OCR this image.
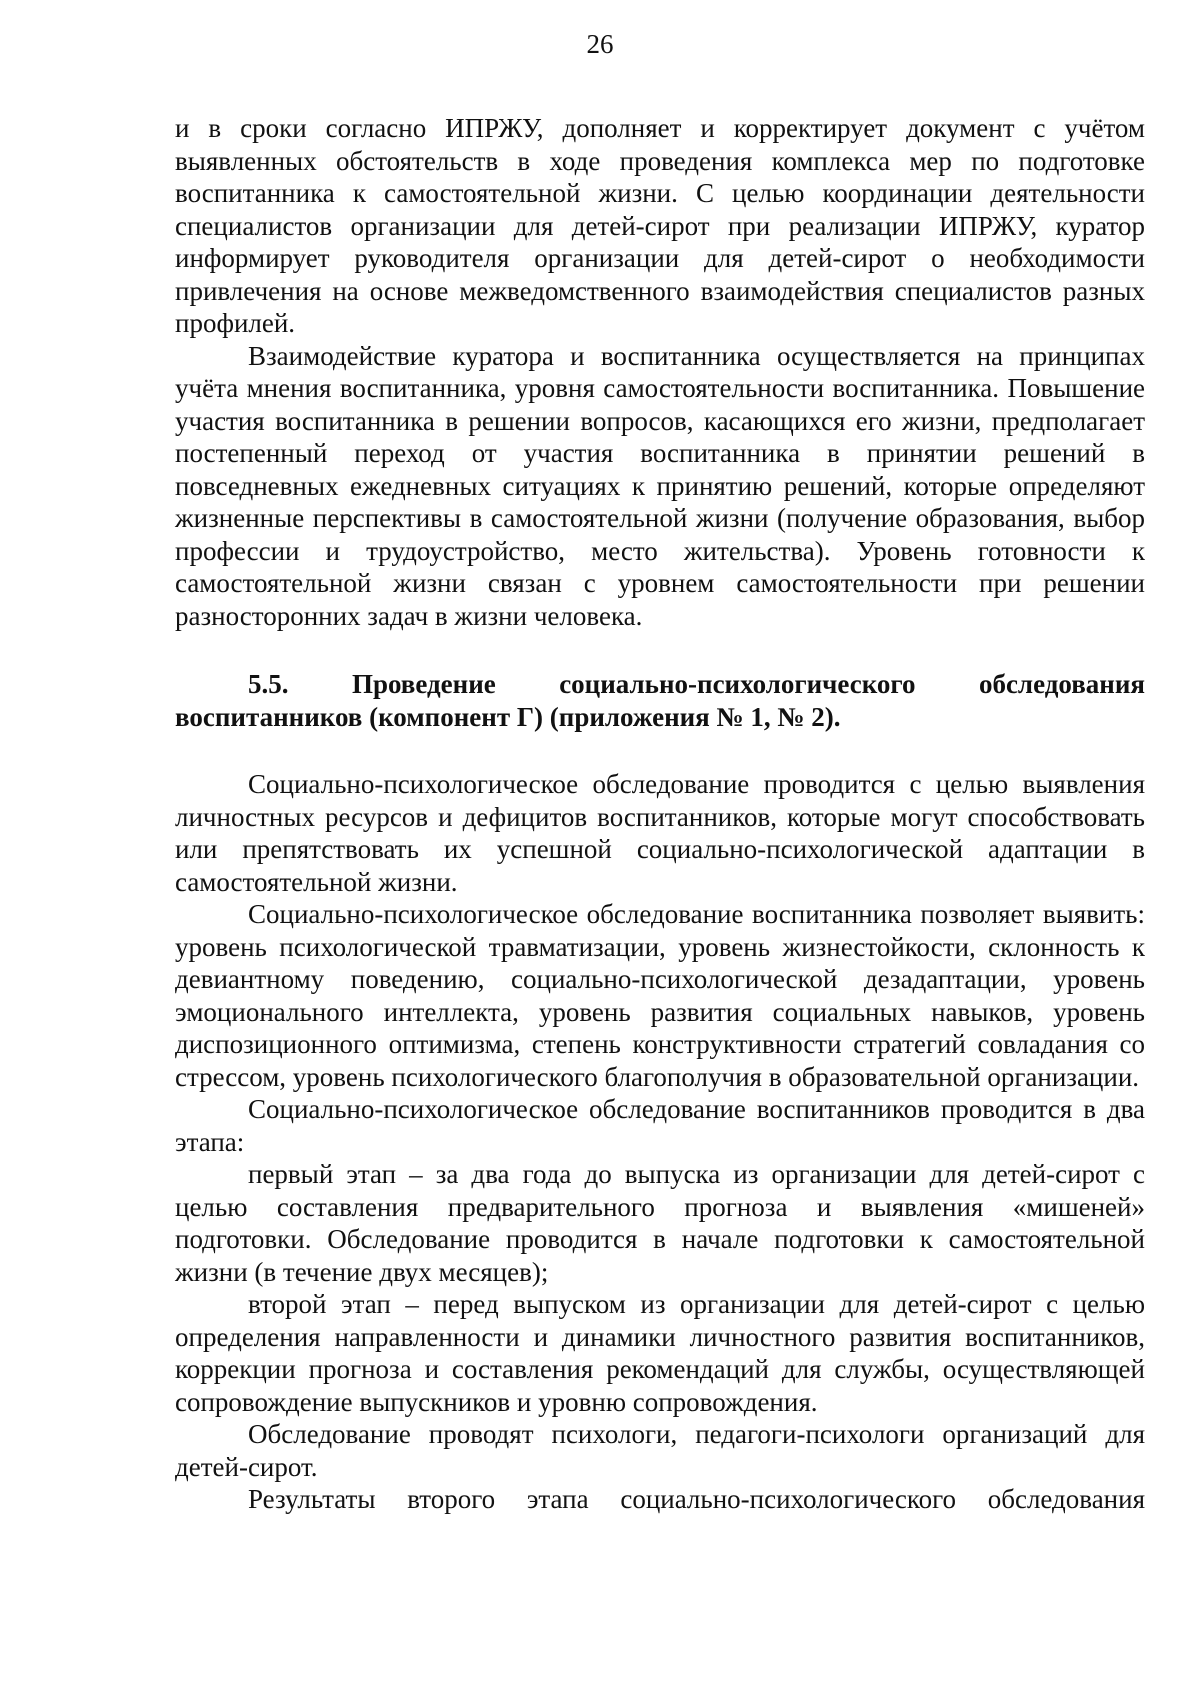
26

и в сроки согласно ИПРЖУ, дополняет и корректирует документ с учётом выявленных обстоятельств в ходе проведения комплекса мер по подготовке воспитанника к самостоятельной жизни. С целью координации деятельности специалистов организации для детей-сирот при реализации ИПРЖУ, куратор информирует руководителя организации для детей-сирот о необходимости привлечения на основе межведомственного взаимодействия специалистов разных профилей.

Взаимодействие куратора и воспитанника осуществляется на принципах учёта мнения воспитанника, уровня самостоятельности воспитанника. Повышение участия воспитанника в решении вопросов, касающихся его жизни, предполагает постепенный переход от участия воспитанника в принятии решений в повседневных ежедневных ситуациях к принятию решений, которые определяют жизненные перспективы в самостоятельной жизни (получение образования, выбор профессии и трудоустройство, место жительства). Уровень готовности к самостоятельной жизни связан с уровнем самостоятельности при решении разносторонних задач в жизни человека.

5.5. Проведение социально-психологического обследования воспитанников (компонент Г) (приложения № 1, № 2).

Социально-психологическое обследование проводится с целью выявления личностных ресурсов и дефицитов воспитанников, которые могут способствовать или препятствовать их успешной социально-психологической адаптации в самостоятельной жизни.

Социально-психологическое обследование воспитанника позволяет выявить: уровень психологической травматизации, уровень жизнестойкости, склонность к девиантному поведению, социально-психологической дезадаптации, уровень эмоционального интеллекта, уровень развития социальных навыков, уровень диспозиционного оптимизма, степень конструктивности стратегий совладания со стрессом, уровень психологического благополучия в образовательной организации.

Социально-психологическое обследование воспитанников проводится в два этапа:

первый этап – за два года до выпуска из организации для детей-сирот с целью составления предварительного прогноза и выявления «мишеней» подготовки. Обследование проводится в начале подготовки к самостоятельной жизни (в течение двух месяцев);

второй этап – перед выпуском из организации для детей-сирот с целью определения направленности и динамики личностного развития воспитанников, коррекции прогноза и составления рекомендаций для службы, осуществляющей сопровождение выпускников и уровню сопровождения.

Обследование проводят психологи, педагоги-психологи организаций для детей-сирот.

Результаты второго этапа социально-психологического обследования
